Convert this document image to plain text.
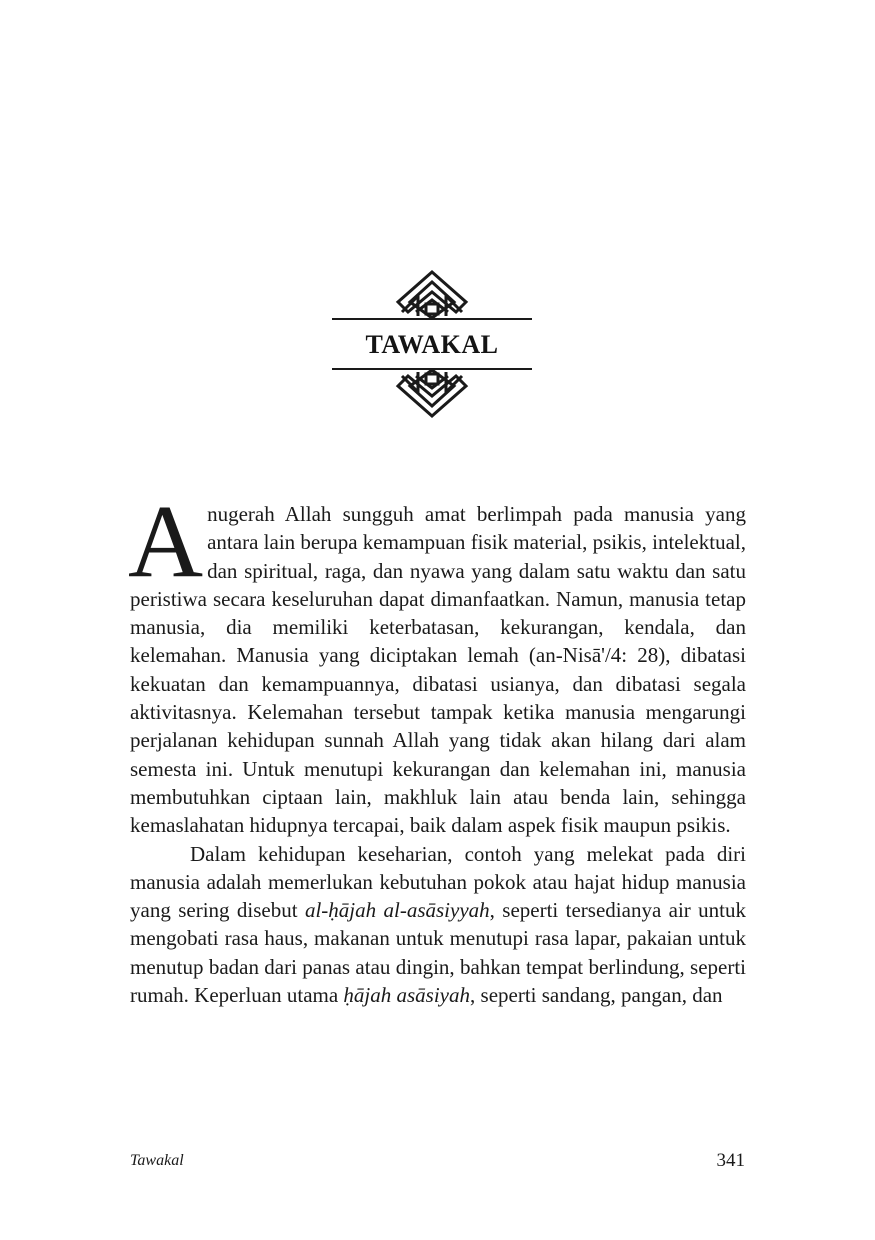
TAWAKAL

Anugerah Allah sungguh amat berlimpah pada manusia yang antara lain berupa kemampuan fisik material, psikis, intelektual, dan spiritual, raga, dan nyawa yang dalam satu waktu dan satu peristiwa secara keseluruhan dapat dimanfaatkan. Namun, manusia tetap manusia, dia memiliki keterbatasan, kekurangan, kendala, dan kelemahan. Manusia yang diciptakan lemah (an-Nisā'/4: 28), dibatasi kekuatan dan kemampuannya, dibatasi usianya, dan dibatasi segala aktivitasnya. Kelemahan tersebut tampak ketika manusia mengarungi perjalanan kehidupan sunnah Allah yang tidak akan hilang dari alam semesta ini. Untuk menutupi kekurangan dan kelemahan ini, manusia membutuhkan ciptaan lain, makhluk lain atau benda lain, sehingga kemaslahatan hidupnya tercapai, baik dalam aspek fisik maupun psikis.

Dalam kehidupan keseharian, contoh yang melekat pada diri manusia adalah memerlukan kebutuhan pokok atau hajat hidup manusia yang sering disebut al-ḥājah al-asāsiyyah, seperti tersedianya air untuk mengobati rasa haus, makanan untuk menutupi rasa lapar, pakaian untuk menutup badan dari panas atau dingin, bahkan tempat berlindung, seperti rumah. Keperluan utama ḥājah asāsiyah, seperti sandang, pangan, dan

Tawakal	341
